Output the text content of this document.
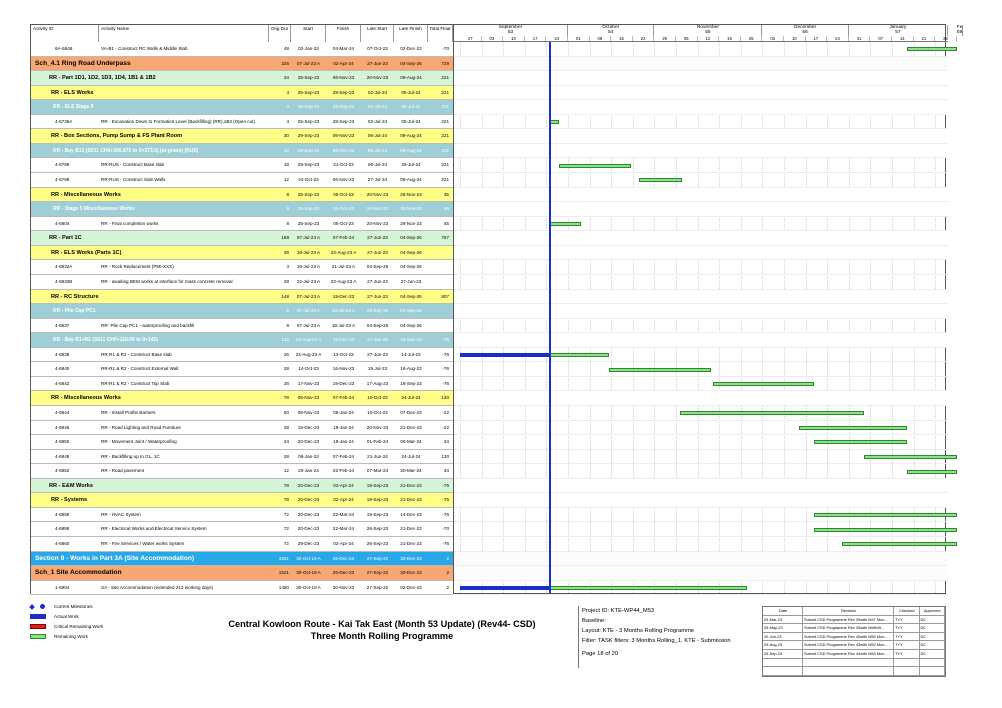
Activity ID	Activity Name	Orig Dur	Start	Finish	Late Start	Late Finish	Total Float
6A-6648	VA-B1 - Construct RC Walls & Middle Slab	48	02-Jan-24	04-Mar-24	07-Oct-23	02-Dec-23	-70
Sch_4.1 Ring Road Underpass	226	07-Jul-23 A	02-Apr-24	27-Jun-23	04-Sep-26	729
RR - Part 1D1, 1D2, 1D3, 1D4, 1B1 & 1B2	34	25-Sep-23	06-Nov-23	20-Nov-23	09-Aug-24	221
RR - ELS Works	4	25-Sep-23	28-Sep-23	02-Jul-24	05-Jul-24	221
RR - ELS Stage 5	4	25-Sep-23	28-Sep-23	02-Jul-24	05-Jul-24	221
4-6736A	RR - Excavation Down to Formation Level (Backfilling) (RR),1B3 (Open cut)	4	25-Sep-23	28-Sep-23	02-Jul-24	05-Jul-24	221
RR - Box Sections, Pump Sump & FS Plant Room	30	29-Sep-23	06-Nov-23	06-Jul-24	09-Aug-24	221
RR - Bay B12 (S011 CH0+365.675 to 0+373.5) (at-grade) (RUS)	30	29-Sep-23	06-Nov-23	06-Jul-24	09-Aug-24	221
4-6796	RR-RUS - Construct Base slab	18	29-Sep-23	21-Oct-23	06-Jul-24	26-Jul-24	221
4-6798	RR-RUS - Construct Side Walls	12	24-Oct-23	06-Nov-23	27-Jul-24	09-Aug-24	221
RR - Miscellaneous Works	8	25-Sep-23	05-Oct-23	20-Nov-23	28-Nov-23	45
RR - Stage 5 Miscellaneous Works	8	25-Sep-23	05-Oct-23	20-Nov-23	28-Nov-23	45
4-6804	RR - Final completion works	8	25-Sep-23	05-Oct-23	20-Nov-23	28-Nov-23	45
RR - Part 1C	188	07-Jul-23 A	07-Feb-24	27-Jun-23	04-Sep-26	767
RR - ELS Works (Parts 1C)	29	19-Jul-23 A	23-Aug-23 A	27-Jun-23	04-Sep-26
4-6832A	RR - Rock Replacement (PMI-XXX)	3	19-Jul-23 A	21-Jul-23 A	04-Sep-26	04-Sep-26
4-6832B	RR - awaiting BEM works at interface for mass concrete removal	28	22-Jul-23 A	23-Aug-23 A	27-Jun-23	27-Jun-23
RR - RC Structure	148	07-Jul-23 A	19-Dec-23	27-Jun-23	04-Sep-26	807
RR - Pile Cap PC1	9	07-Jul-23 A	18-Jul-23 A	04-Sep-26	04-Sep-26
4-6837	RR- Pile Cap PC1 - waterproofing and backfill	9	07-Jul-23 A	18-Jul-23 A	04-Sep-26	04-Sep-26
RR - Bay R1+R2 (S011 CH0+118.00 to 0+142)	132	24-Aug-23 A	19-Dec-23	27-Jun-23	18-Sep-23	-76
4-6838	RR-R1 & R2 - Construct Base slab	26	24-Aug-23 A	13-Oct-23	27-Jun-23	14-Jul-23	-76
4-6840	RR-R1 & R2 - Construct External Wall	28	14-Oct-23	16-Nov-23	15-Jul-23	16-Aug-23	-76
4-6842	RR-R1 & R2 - Construct Top Slab	28	17-Nov-23	19-Dec-23	17-Aug-23	18-Sep-23	-76
RR - Miscellaneous Works	78	06-Nov-23	07-Feb-24	10-Oct-23	24-Jul-24	130
4-6844	RR - Install Profile Barriers	50	06-Nov-23	05-Jan-24	10-Oct-23	07-Dec-23	-22
4-6846	RR - Road Lighting and Road Furniture	28	15-Dec-23	19-Jan-24	20-Nov-23	21-Dec-23	-22
4-6850	RR - Movement Joint / Waterproofing	24	20-Dec-23	19-Jan-24	01-Feb-24	06-Mar-24	34
4-6848	RR - Backfilling up to GL, 1C	28	06-Jan-24	07-Feb-24	21-Jun-24	24-Jul-24	130
4-6852	RR - Road pavement	12	20-Jan-24	02-Feb-24	07-Mar-24	20-Mar-24	34
RR - E&M Works	78	20-Dec-23	02-Apr-24	19-Sep-23	21-Dec-23	-76
RR - Systems	78	20-Dec-23	02-Apr-24	19-Sep-23	21-Dec-23	-76
4-6858	RR - HVAC System	72	20-Dec-23	22-Mar-24	19-Sep-23	14-Dec-23	-76
4-6859	RR - Electrical Works and Electrical Service System	72	20-Dec-23	22-Mar-24	26-Sep-23	21-Dec-23	-70
4-6860	RR - Fire Services / Water works System	72	29-Dec-23	02-Apr-24	26-Sep-23	21-Dec-23	-76
Section 9 - Works in Part 3A (Site Accommodation)	1521	30-Oct-19 A	26-Dec-23	27-Sep-22	30-Dec-23	2
Sch_1 Site Accommodation	1521	30-Oct-19 A	26-Dec-23	27-Sep-22	30-Dec-23	2
1-6904	SA - Site Accommodation (extended 213 working days)	1450	30-Oct-19 A	30-Nov-23	27-Sep-22	02-Dec-23	2
September
53
October
54
November
55
December
56
January
57
Fe
58
27	03	10	17	24	01	08	15	22	29	05	12	19	26	03	10	17	24	31	07	14	21	28
Current Milestones
Actual Work
Critical Remaining Work
Remaining Work
Central Kowloon Route - Kai Tak East (Month 53 Update) (Rev44- CSD)
Three Month Rolling Programme
Project ID: KTE-WP44_M53
Baseline:
Layout: KTE - 3 Months Rolling Programme
Filter: TASK filters: 3 Months Rolling_1, KTE - Submission
Page 18 of 20
Date	Revision	Checked	Approved
29-Mar-23	Submit CSD Programme Rev 39with M47 Mon...	TYY	DC
25-May-23	Submit CSD Programme Rev 39with Mel649...	TYY	DC
20-Jun-23	Submit CSD Programme Rev 40with M50 Mon...	TYY	DC
29-Aug-23	Submit CSD Programme Rev 43with M52 Mon...	TYY	DC
25-Sep-23	Submit CSD Programme Rev 44with M53 Mon...	TYY	DC
